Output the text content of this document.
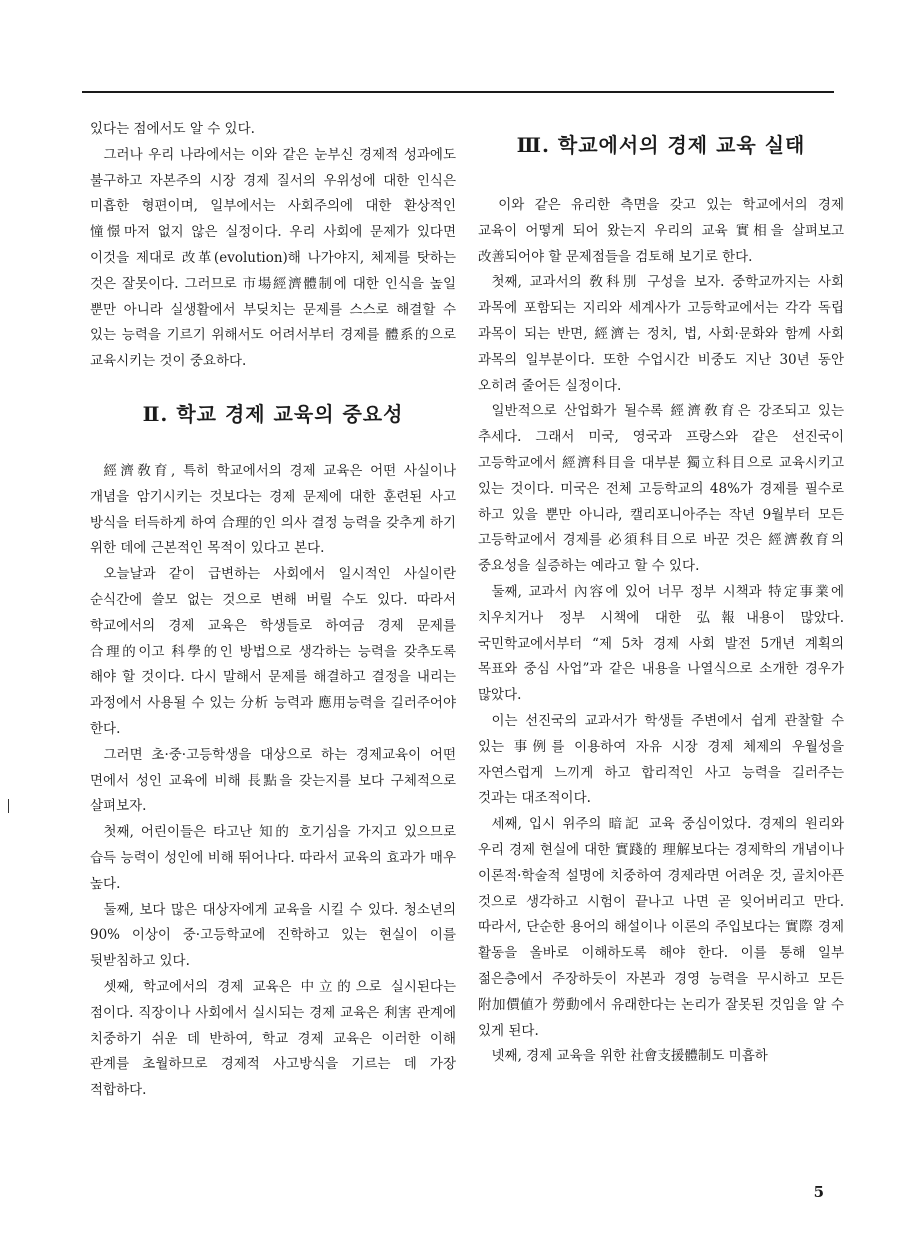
있다는 점에서도 알 수 있다.

그러나 우리 나라에서는 이와 같은 눈부신 경제적 성과에도 불구하고 자본주의 시장 경제 질서의 우위성에 대한 인식은 미흡한 형편이며, 일부에서는 사회주의에 대한 환상적인 憧憬마저 없지 않은 실정이다. 우리 사회에 문제가 있다면 이것을 제대로 改革(evolution)해 나가야지, 체제를 탓하는 것은 잘못이다. 그러므로 市場經濟體制에 대한 인식을 높일 뿐만 아니라 실생활에서 부딪치는 문제를 스스로 해결할 수 있는 능력을 기르기 위해서도 어려서부터 경제를 體系的으로 교육시키는 것이 중요하다.

Ⅱ. 학교 경제 교육의 중요성

經濟敎育, 특히 학교에서의 경제 교육은 어떤 사실이나 개념을 암기시키는 것보다는 경제 문제에 대한 훈련된 사고 방식을 터득하게 하여 合理的인 의사 결정 능력을 갖추게 하기 위한 데에 근본적인 목적이 있다고 본다.

오늘날과 같이 급변하는 사회에서 일시적인 사실이란 순식간에 쓸모 없는 것으로 변해 버릴 수도 있다. 따라서 학교에서의 경제 교육은 학생들로 하여금 경제 문제를 合理的이고 科學的인 방법으로 생각하는 능력을 갖추도록 해야 할 것이다. 다시 말해서 문제를 해결하고 결정을 내리는 과정에서 사용될 수 있는 分析 능력과 應用능력을 길러주어야 한다.

그러면 초·중·고등학생을 대상으로 하는 경제교육이 어떤 면에서 성인 교육에 비해 長點을 갖는지를 보다 구체적으로 살펴보자.

첫째, 어린이들은 타고난 知的 호기심을 가지고 있으므로 습득 능력이 성인에 비해 뛰어나다. 따라서 교육의 효과가 매우 높다.

둘째, 보다 많은 대상자에게 교육을 시킬 수 있다. 청소년의 90% 이상이 중·고등학교에 진학하고 있는 현실이 이를 뒷받침하고 있다.

셋째, 학교에서의 경제 교육은 中立的으로 실시된다는 점이다. 직장이나 사회에서 실시되는 경제 교육은 利害 관계에 치중하기 쉬운 데 반하여, 학교 경제 교육은 이러한 이해 관계를 초월하므로 경제적 사고방식을 기르는 데 가장 적합하다.

Ⅲ. 학교에서의 경제 교육 실태

이와 같은 유리한 측면을 갖고 있는 학교에서의 경제 교육이 어떻게 되어 왔는지 우리의 교육 實相을 살펴보고 改善되어야 할 문제점들을 검토해 보기로 한다.

첫째, 교과서의 敎科別 구성을 보자. 중학교까지는 사회 과목에 포함되는 지리와 세계사가 고등학교에서는 각각 독립 과목이 되는 반면, 經濟는 정치, 법, 사회·문화와 함께 사회 과목의 일부분이다. 또한 수업시간 비중도 지난 30년 동안 오히려 줄어든 실정이다.

일반적으로 산업화가 될수록 經濟敎育은 강조되고 있는 추세다. 그래서 미국, 영국과 프랑스와 같은 선진국이 고등학교에서 經濟科目을 대부분 獨立科目으로 교육시키고 있는 것이다. 미국은 전체 고등학교의 48%가 경제를 필수로 하고 있을 뿐만 아니라, 캘리포니아주는 작년 9월부터 모든 고등학교에서 경제를 必須科目으로 바꾼 것은 經濟敎育의 중요성을 실증하는 예라고 할 수 있다.

둘째, 교과서 內容에 있어 너무 정부 시책과 特定事業에 치우치거나 정부 시책에 대한 弘報내용이 많았다. 국민학교에서부터 “제 5차 경제 사회 발전 5개년 계획의 목표와 중심 사업”과 같은 내용을 나열식으로 소개한 경우가 많았다.

이는 선진국의 교과서가 학생들 주변에서 쉽게 관찰할 수 있는 事例를 이용하여 자유 시장 경제 체제의 우월성을 자연스럽게 느끼게 하고 합리적인 사고 능력을 길러주는 것과는 대조적이다.

세째, 입시 위주의 暗記 교육 중심이었다. 경제의 원리와 우리 경제 현실에 대한 實踐的 理解보다는 경제학의 개념이나 이론적·학술적 설명에 치중하여 경제라면 어려운 것, 골치아픈 것으로 생각하고 시험이 끝나고 나면 곧 잊어버리고 만다. 따라서, 단순한 용어의 해설이나 이론의 주입보다는 實際 경제 활동을 올바로 이해하도록 해야 한다. 이를 통해 일부 젊은층에서 주장하듯이 자본과 경영 능력을 무시하고 모든 附加價値가 勞動에서 유래한다는 논리가 잘못된 것임을 알 수 있게 된다.

넷째, 경제 교육을 위한 社會支援體制도 미흡하

5
